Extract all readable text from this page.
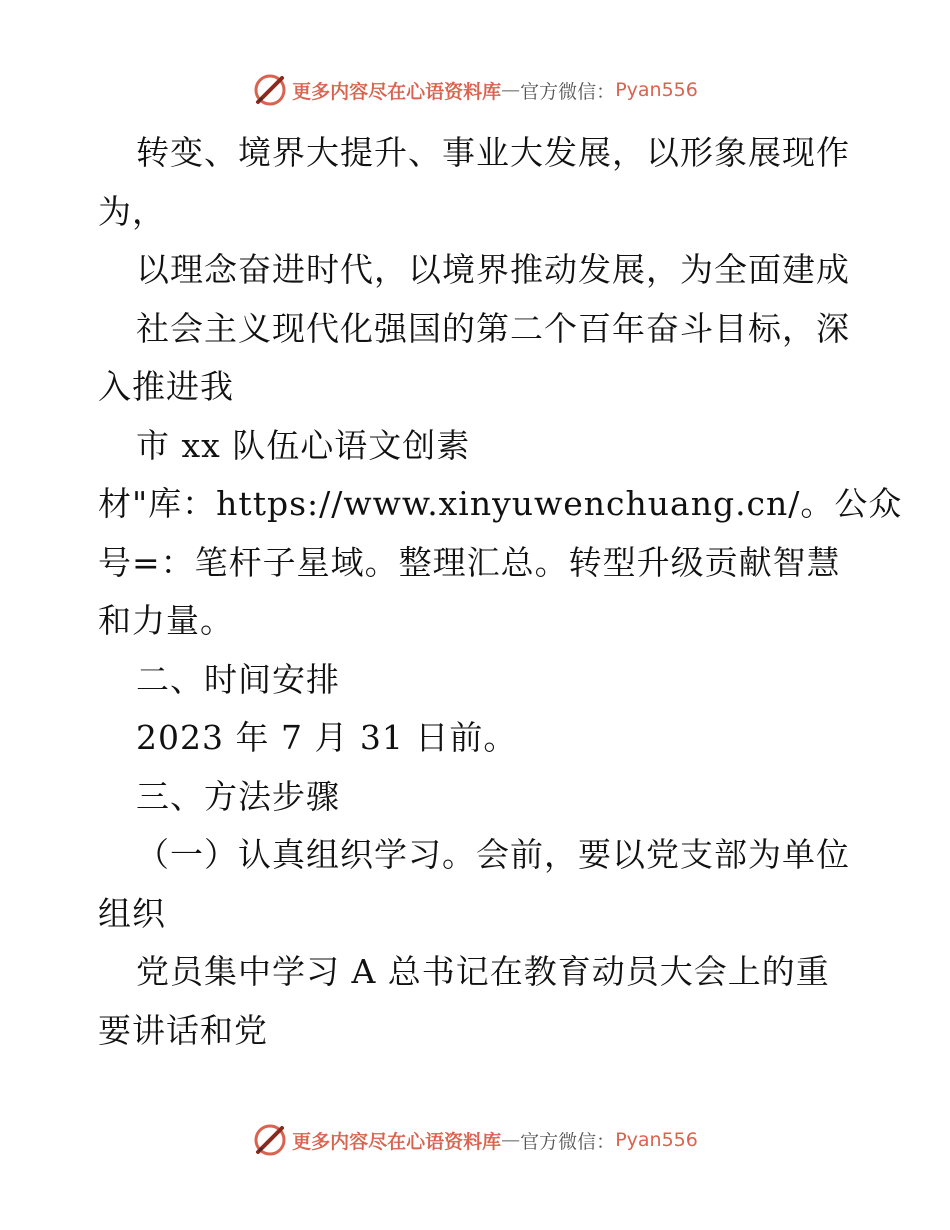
更多内容尽在心语资料库 — 官方微信： Pyan556
转变、境界大提升、事业大发展，以形象展现作
为，
以理念奋进时代，以境界推动发展，为全面建成
社会主义现代化强国的第二个百年奋斗目标，深
入推进我
市 xx 队伍心语文创素
材"库：https://www.xinyuwenchuang.cn/。公众
号=：笔杆子星域。整理汇总。转型升级贡献智慧
和力量。
二、时间安排
2023 年 7 月 31 日前。
三、方法步骤
（一）认真组织学习。会前，要以党支部为单位
组织
党员集中学习 A 总书记在教育动员大会上的重
要讲话和党
更多内容尽在心语资料库 — 官方微信： Pyan556
